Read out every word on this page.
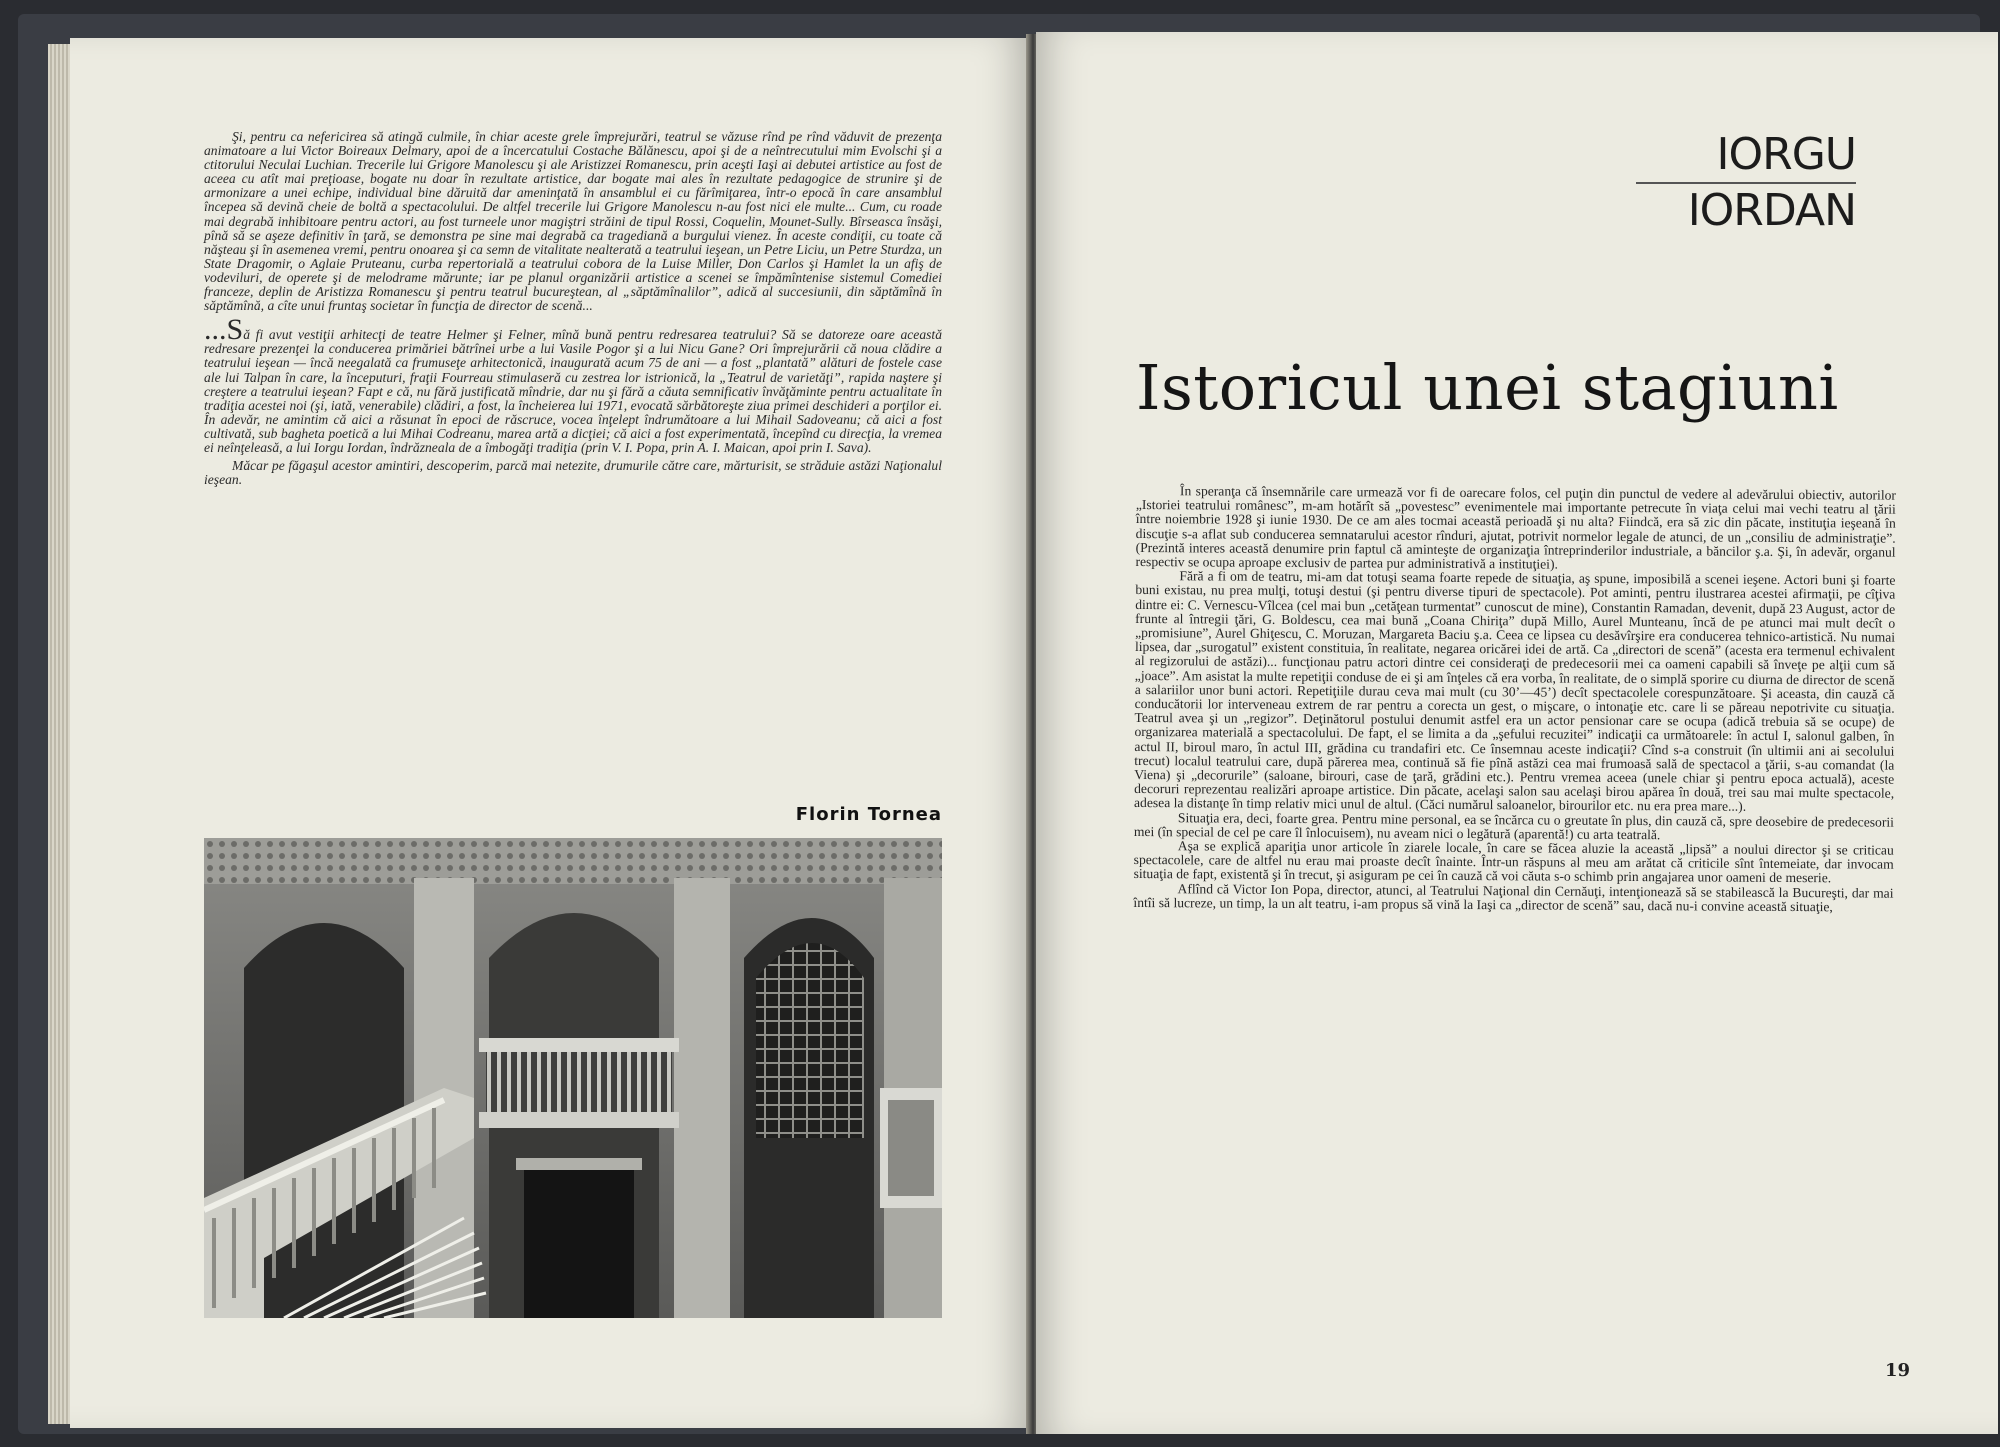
Şi, pentru ca nefericirea să atingă culmile, în chiar aceste grele împrejurări, teatrul se văzuse rînd pe rînd văduvit de prezenţa animatoare a lui Victor Boireaux Delmary, apoi de a încercatului Costache Bălănescu, apoi şi de a neîntrecutului mim Evolschi şi a ctitorului Neculai Luchian. Trecerile lui Grigore Manolescu şi ale Aristizzei Romanescu, prin aceşti Iaşi ai debutei artistice au fost de aceea cu atît mai preţioase, bogate nu doar în rezultate artistice, dar bogate mai ales în rezultate pedagogice de strunire şi de armonizare a unei echipe, individual bine dăruită dar ameninţată în ansamblul ei cu fărîmiţarea, într-o epocă în care ansamblul începea să devină cheie de boltă a spectacolului. De altfel trecerile lui Grigore Manolescu n-au fost nici ele multe... Cum, cu roade mai degrabă inhibitoare pentru actori, au fost turneele unor magiştri străini de tipul Rossi, Coquelin, Mounet-Sully. Bîrseasca însăşi, pînă să se aşeze definitiv în ţară, se demonstra pe sine mai degrabă ca tragediană a burgului vienez. În aceste condiţii, cu toate că năşteau şi în asemenea vremi, pentru onoarea şi ca semn de vitalitate nealterată a teatrului ieşean, un Petre Liciu, un Petre Sturdza, un State Dragomir, o Aglaie Pruteanu, curba repertorială a teatrului cobora de la Luise Miller, Don Carlos şi Hamlet la un afiş de vodeviluri, de operete şi de melodrame mărunte; iar pe planul organizării artistice a scenei se împămîntenise sistemul Comediei franceze, deplin de Aristizza Romanescu şi pentru teatrul bucureştean, al „săptămînalilor”, adică al succesiunii, din săptămînă în săptămînă, a cîte unui fruntaş societar în funcţia de director de scenă...

...Să fi avut vestiţii arhitecţi de teatre Helmer şi Felner, mînă bună pentru redresarea teatrului? Să se datoreze oare această redresare prezenţei la conducerea primăriei bătrînei urbe a lui Vasile Pogor şi a lui Nicu Gane? Ori împrejurării că noua clădire a teatrului ieşean — încă neegalată ca frumuseţe arhitectonică, inaugurată acum 75 de ani — a fost „plantată” alături de fostele case ale lui Talpan în care, la începuturi, fraţii Fourreau stimulaseră cu zestrea lor istrionică, la „Teatrul de varietăţi”, rapida naştere şi creştere a teatrului ieşean? Fapt e că, nu fără justificată mîndrie, dar nu şi fără a căuta semnificativ învăţăminte pentru actualitate în tradiţia acestei noi (şi, iată, venerabile) clădiri, a fost, la încheierea lui 1971, evocată sărbătoreşte ziua primei deschideri a porţilor ei. În adevăr, ne amintim că aici a răsunat în epoci de răscruce, vocea înţelept îndrumătoare a lui Mihail Sadoveanu; că aici a fost cultivată, sub bagheta poetică a lui Mihai Codreanu, marea artă a dicţiei; că aici a fost experimentată, începînd cu direcţia, la vremea ei neînţeleasă, a lui Iorgu Iordan, îndrăzneala de a îmbogăţi tradiţia (prin V. I. Popa, prin A. I. Maican, apoi prin I. Sava).

Măcar pe făgaşul acestor amintiri, descoperim, parcă mai netezite, drumurile către care, mărturisit, se străduie astăzi Naţionalul ieşean.

Florin Tornea
IORGU
IORDAN
Istoricul unei stagiuni

În speranţa că însemnările care urmează vor fi de oarecare folos, cel puţin din punctul de vedere al adevărului obiectiv, autorilor „Istoriei teatrului românesc”, m-am hotărît să „povestesc” evenimentele mai importante petrecute în viaţa celui mai vechi teatru al ţării între noiembrie 1928 şi iunie 1930. De ce am ales tocmai această perioadă şi nu alta? Fiindcă, era să zic din păcate, instituţia ieşeană în discuţie s-a aflat sub conducerea semnatarului acestor rînduri, ajutat, potrivit normelor legale de atunci, de un „consiliu de administraţie”. (Prezintă interes această denumire prin faptul că aminteşte de organizaţia întreprinderilor industriale, a băncilor ş.a. Şi, în adevăr, organul respectiv se ocupa aproape exclusiv de partea pur administrativă a instituţiei).

Fără a fi om de teatru, mi-am dat totuşi seama foarte repede de situaţia, aş spune, imposibilă a scenei ieşene. Actori buni şi foarte buni existau, nu prea mulţi, totuşi destui (şi pentru diverse tipuri de spectacole). Pot aminti, pentru ilustrarea acestei afirmaţii, pe cîţiva dintre ei: C. Vernescu-Vîlcea (cel mai bun „cetăţean turmentat” cunoscut de mine), Constantin Ramadan, devenit, după 23 August, actor de frunte al întregii ţări, G. Boldescu, cea mai bună „Coana Chiriţa” după Millo, Aurel Munteanu, încă de pe atunci mai mult decît o „promisiune”, Aurel Ghiţescu, C. Moruzan, Margareta Baciu ş.a. Ceea ce lipsea cu desăvîrşire era conducerea tehnico-artistică. Nu numai lipsea, dar „surogatul” existent constituia, în realitate, negarea oricărei idei de artă. Ca „directori de scenă” (acesta era termenul echivalent al regizorului de astăzi)... funcţionau patru actori dintre cei consideraţi de predecesorii mei ca oameni capabili să înveţe pe alţii cum să „joace”. Am asistat la multe repetiţii conduse de ei şi am înţeles că era vorba, în realitate, de o simplă sporire cu diurna de director de scenă a salariilor unor buni actori. Repetiţiile durau ceva mai mult (cu 30’—45’) decît spectacolele corespunzătoare. Şi aceasta, din cauză că conducătorii lor interveneau extrem de rar pentru a corecta un gest, o mişcare, o intonaţie etc. care li se păreau nepotrivite cu situaţia. Teatrul avea şi un „regizor”. Deţinătorul postului denumit astfel era un actor pensionar care se ocupa (adică trebuia să se ocupe) de organizarea materială a spectacolului. De fapt, el se limita a da „şefului recuzitei” indicaţii ca următoarele: în actul I, salonul galben, în actul II, biroul maro, în actul III, grădina cu trandafiri etc. Ce însemnau aceste indicaţii? Cînd s-a construit (în ultimii ani ai secolului trecut) localul teatrului care, după părerea mea, continuă să fie pînă astăzi cea mai frumoasă sală de spectacol a ţării, s-au comandat (la Viena) şi „decorurile” (saloane, birouri, case de ţară, grădini etc.). Pentru vremea aceea (unele chiar şi pentru epoca actuală), aceste decoruri reprezentau realizări aproape artistice. Din păcate, acelaşi salon sau acelaşi birou apărea în două, trei sau mai multe spectacole, adesea la distanţe în timp relativ mici unul de altul. (Căci numărul saloanelor, birourilor etc. nu era prea mare...).

Situaţia era, deci, foarte grea. Pentru mine personal, ea se încărca cu o greutate în plus, din cauză că, spre deosebire de predecesorii mei (în special de cel pe care îl înlocuisem), nu aveam nici o legătură (aparentă!) cu arta teatrală.

Aşa se explică apariţia unor articole în ziarele locale, în care se făcea aluzie la această „lipsă” a noului director şi se criticau spectacolele, care de altfel nu erau mai proaste decît înainte. Într-un răspuns al meu am arătat că criticile sînt întemeiate, dar invocam situaţia de fapt, existentă şi în trecut, şi asiguram pe cei în cauză că voi căuta s-o schimb prin angajarea unor oameni de meserie.

Aflînd că Victor Ion Popa, director, atunci, al Teatrului Naţional din Cernăuţi, intenţionează să se stabilească la Bucureşti, dar mai întîi să lucreze, un timp, la un alt teatru, i-am propus să vină la Iaşi ca „director de scenă” sau, dacă nu-i convine această situaţie,

19
